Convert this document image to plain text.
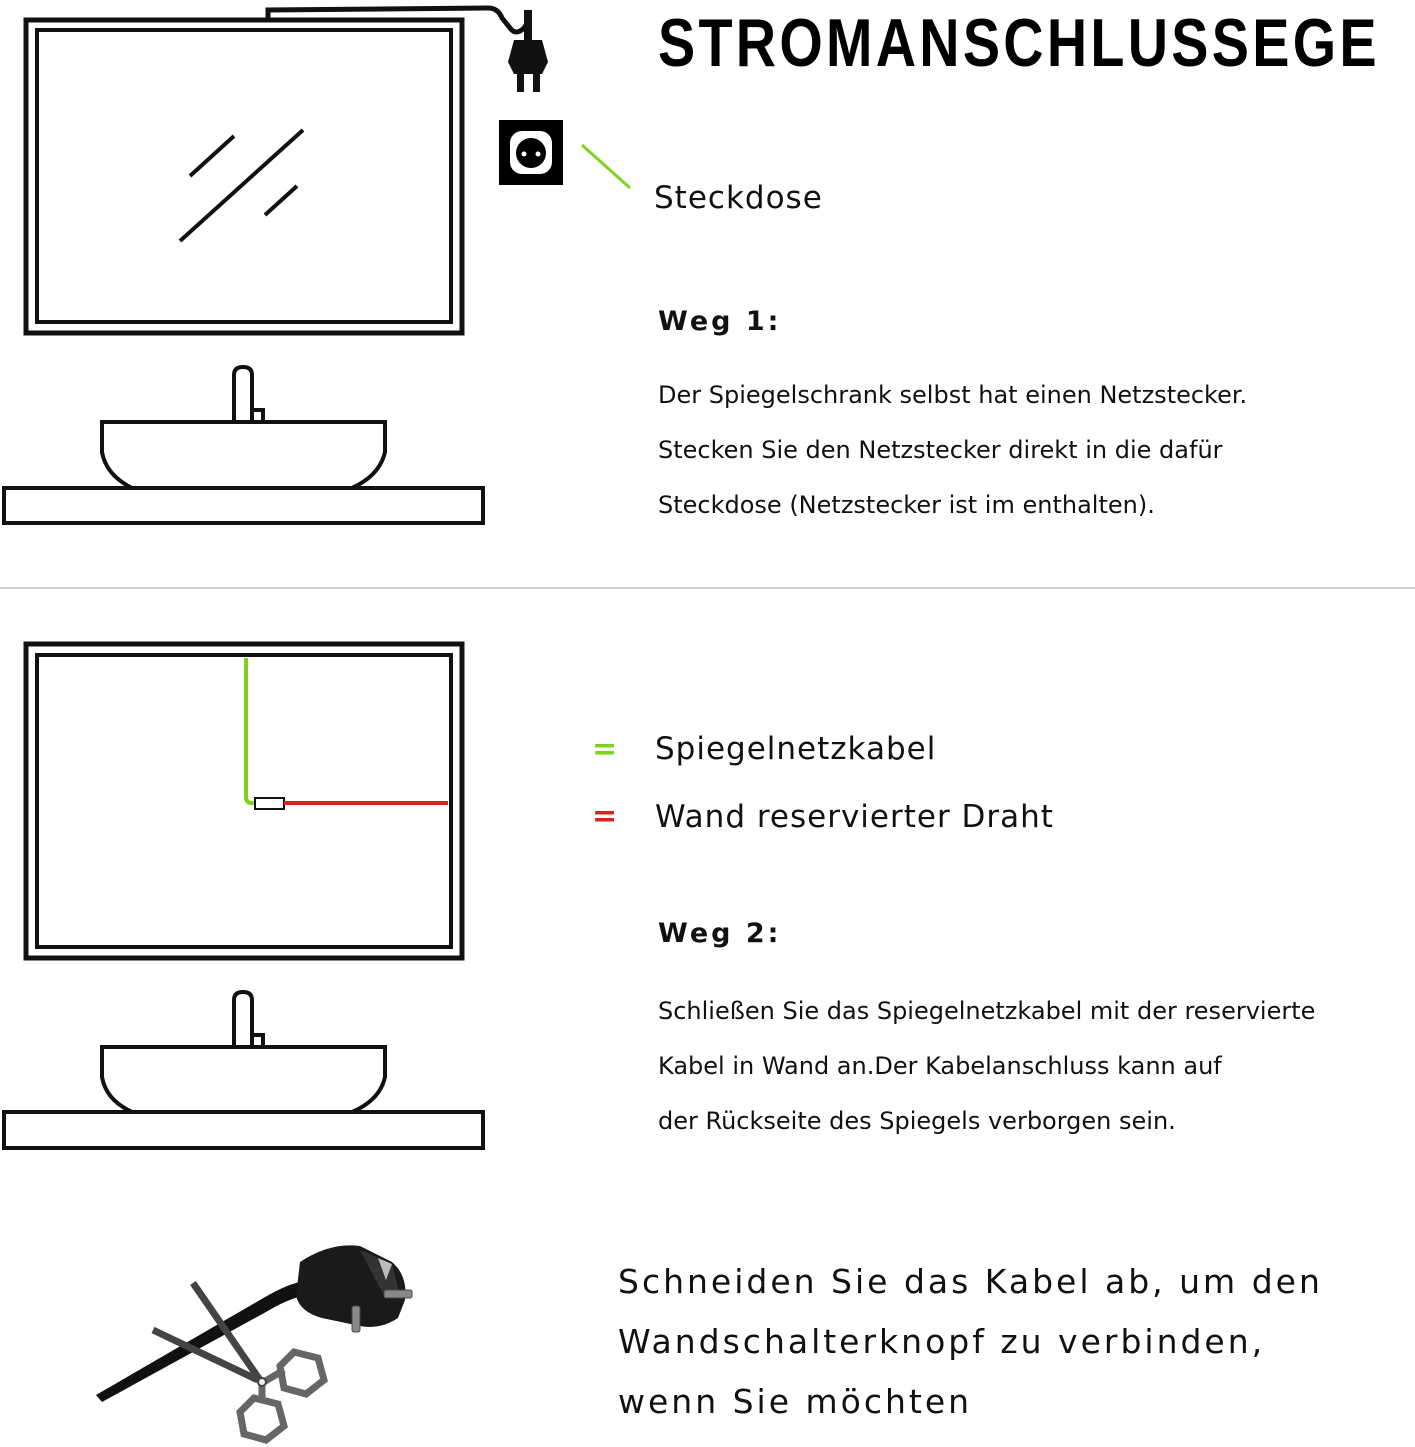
STROMANSCHLUSSEGE
Steckdose
Weg 1:
Der Spiegelschrank selbst hat einen Netzstecker.
Stecken Sie den Netzstecker direkt in die dafür
Steckdose (Netzstecker ist im enthalten).
= Spiegelnetzkabel
= Wand reservierter Draht
Weg 2:
Schließen Sie das Spiegelnetzkabel mit der reservierte
Kabel in Wand an.Der Kabelanschluss kann auf
der Rückseite des Spiegels verborgen sein.
Schneiden Sie das Kabel ab, um den
Wandschalterknopf zu verbinden,
wenn Sie möchten
